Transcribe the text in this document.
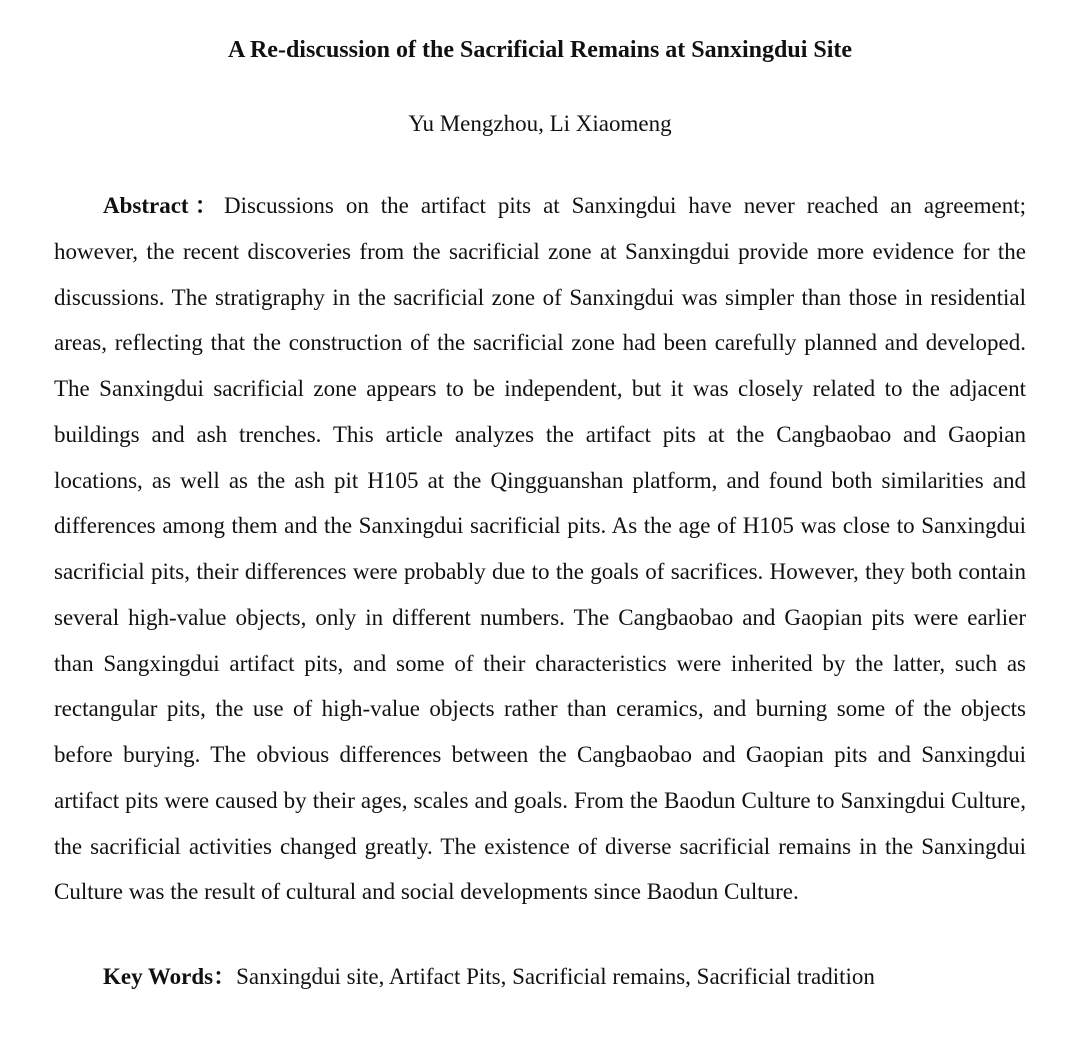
A Re-discussion of the Sacrificial Remains at Sanxingdui Site

Yu Mengzhou, Li Xiaomeng

Abstract：Discussions on the artifact pits at Sanxingdui have never reached an agreement; however, the recent discoveries from the sacrificial zone at Sanxingdui provide more evidence for the discussions. The stratigraphy in the sacrificial zone of Sanxingdui was simpler than those in residential areas, reflecting that the construction of the sacrificial zone had been carefully planned and developed. The Sanxingdui sacrificial zone appears to be independent, but it was closely related to the adjacent buildings and ash trenches. This article analyzes the artifact pits at the Cangbaobao and Gaopian locations, as well as the ash pit H105 at the Qingguanshan platform, and found both similarities and differences among them and the Sanxingdui sacrificial pits. As the age of H105 was close to Sanxingdui sacrificial pits, their differences were probably due to the goals of sacrifices. However, they both contain several high-value objects, only in different numbers. The Cangbaobao and Gaopian pits were earlier than Sangxingdui artifact pits, and some of their characteristics were inherited by the latter, such as rectangular pits, the use of high-value objects rather than ceramics, and burning some of the objects before burying. The obvious differences between the Cangbaobao and Gaopian pits and Sanxingdui artifact pits were caused by their ages, scales and goals. From the Baodun Culture to Sanxingdui Culture, the sacrificial activities changed greatly. The existence of diverse sacrificial remains in the Sanxingdui Culture was the result of cultural and social developments since Baodun Culture.

Key Words：Sanxingdui site, Artifact Pits, Sacrificial remains, Sacrificial tradition
